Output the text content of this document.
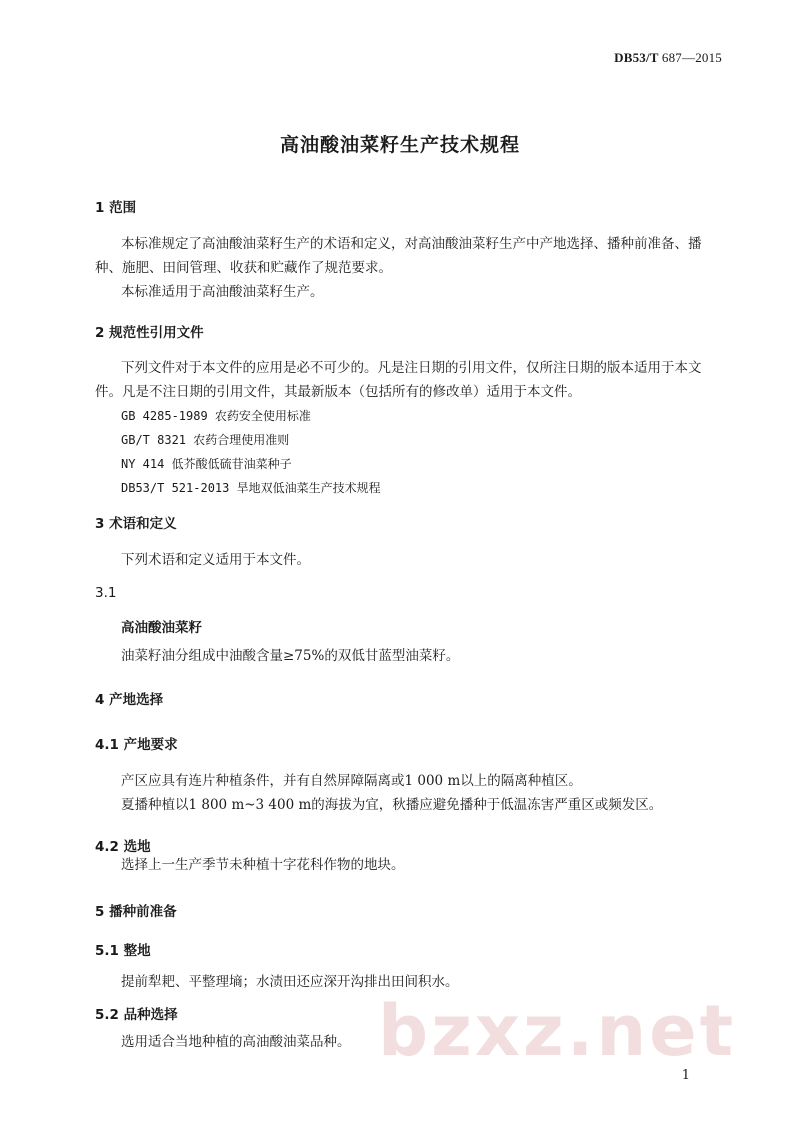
DB53/T 687—2015
高油酸油菜籽生产技术规程
1 范围
本标准规定了高油酸油菜籽生产的术语和定义，对高油酸油菜籽生产中产地选择、播种前准备、播
种、施肥、田间管理、收获和贮藏作了规范要求。
本标准适用于高油酸油菜籽生产。
2 规范性引用文件
下列文件对于本文件的应用是必不可少的。凡是注日期的引用文件，仅所注日期的版本适用于本文
件。凡是不注日期的引用文件，其最新版本（包括所有的修改单）适用于本文件。
GB 4285-1989 农药安全使用标准
GB/T 8321 农药合理使用准则
NY 414 低芥酸低硫苷油菜种子
DB53/T 521-2013 旱地双低油菜生产技术规程
3 术语和定义
下列术语和定义适用于本文件。
3.1
高油酸油菜籽
油菜籽油分组成中油酸含量≥75%的双低甘蓝型油菜籽。
4 产地选择
4.1 产地要求
产区应具有连片种植条件，并有自然屏障隔离或1 000 m以上的隔离种植区。
夏播种植以1 800 m~3 400 m的海拔为宜，秋播应避免播种于低温冻害严重区或频发区。
4.2 选地
选择上一生产季节未种植十字花科作物的地块。
5 播种前准备
5.1 整地
提前犁耙、平整理墒；水渍田还应深开沟排出田间积水。
5.2 品种选择
选用适合当地种植的高油酸油菜品种。 bzxz.net
1
